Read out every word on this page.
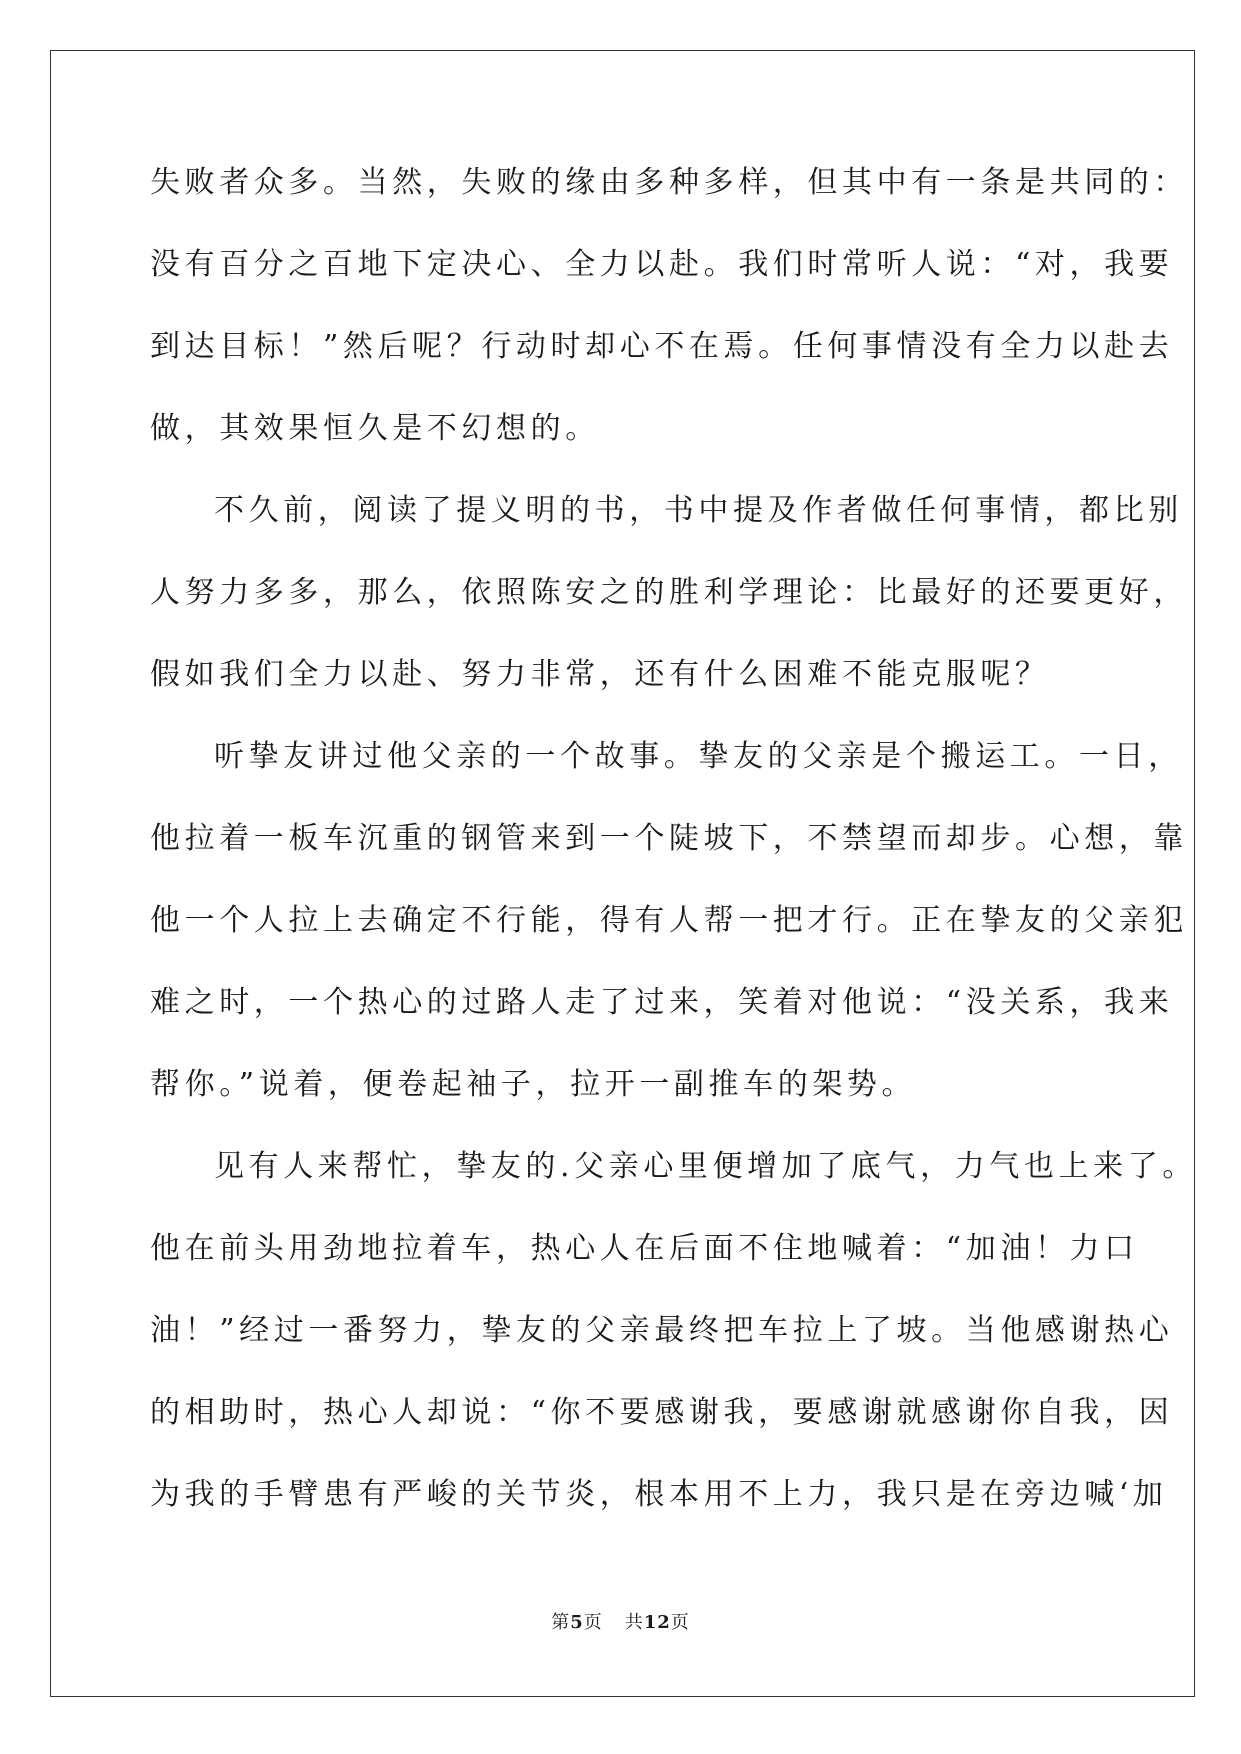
失败者众多。当然，失败的缘由多种多样，但其中有一条是共同的：
没有百分之百地下定决心、全力以赴。我们时常听人说：“对，我要
到达目标！”然后呢？行动时却心不在焉。任何事情没有全力以赴去
做，其效果恒久是不幻想的。
不久前，阅读了提义明的书，书中提及作者做任何事情，都比别
人努力多多，那么，依照陈安之的胜利学理论：比最好的还要更好，
假如我们全力以赴、努力非常，还有什么困难不能克服呢？
听挚友讲过他父亲的一个故事。挚友的父亲是个搬运工。一日，
他拉着一板车沉重的钢管来到一个陡坡下，不禁望而却步。心想，靠
他一个人拉上去确定不行能，得有人帮一把才行。正在挚友的父亲犯
难之时，一个热心的过路人走了过来，笑着对他说：“没关系，我来
帮你。”说着，便卷起袖子，拉开一副推车的架势。
见有人来帮忙，挚友的.父亲心里便增加了底气，力气也上来了。
他在前头用劲地拉着车，热心人在后面不住地喊着：“加油！力口
油！”经过一番努力，挚友的父亲最终把车拉上了坡。当他感谢热心
的相助时，热心人却说：“你不要感谢我，要感谢就感谢你自我，因
为我的手臂患有严峻的关节炎，根本用不上力，我只是在旁边喊‘加
第5页 共12页
